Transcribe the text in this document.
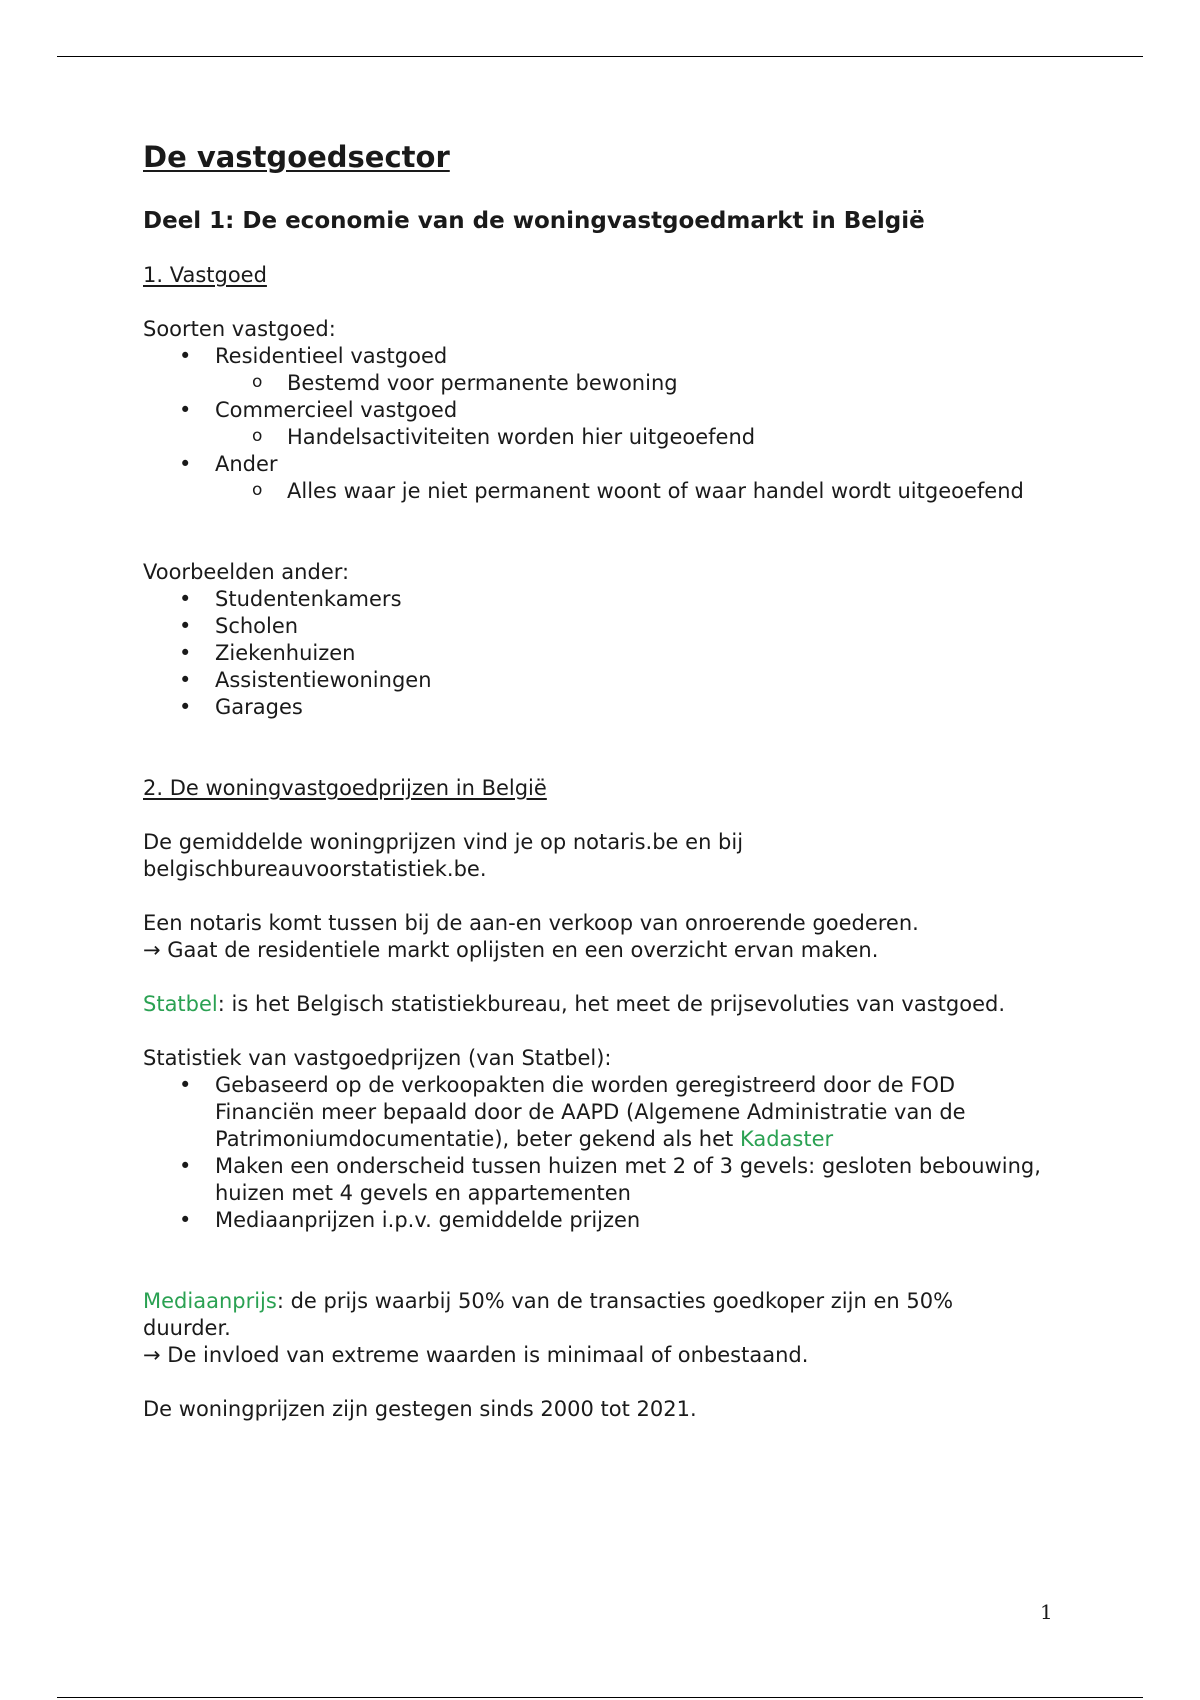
De vastgoedsector
Deel 1: De economie van de woningvastgoedmarkt in België
1. Vastgoed

Soorten vastgoed:

• Residentieel vastgoed
o Bestemd voor permanente bewoning
• Commercieel vastgoed
o Handelsactiviteiten worden hier uitgeoefend
• Ander
o Alles waar je niet permanent woont of waar handel wordt uitgeoefend

Voorbeelden ander:

• Studentenkamers
• Scholen
• Ziekenhuizen
• Assistentiewoningen
• Garages
2. De woningvastgoedprijzen in België

De gemiddelde woningprijzen vind je op notaris.be en bij belgischbureauvoorstatistiek.be.

Een notaris komt tussen bij de aan-en verkoop van onroerende goederen.

→ Gaat de residentiele markt oplijsten en een overzicht ervan maken.

Statbel: is het Belgisch statistiekbureau, het meet de prijsevoluties van vastgoed.

Statistiek van vastgoedprijzen (van Statbel):

• Gebaseerd op de verkoopakten die worden geregistreerd door de FOD Financiën meer bepaald door de AAPD (Algemene Administratie van de Patrimoniumdocumentatie), beter gekend als het Kadaster
• Maken een onderscheid tussen huizen met 2 of 3 gevels: gesloten bebouwing, huizen met 4 gevels en appartementen
• Mediaanprijzen i.p.v. gemiddelde prijzen

Mediaanprijs: de prijs waarbij 50% van de transacties goedkoper zijn en 50% duurder.

→ De invloed van extreme waarden is minimaal of onbestaand.

De woningprijzen zijn gestegen sinds 2000 tot 2021.

1
